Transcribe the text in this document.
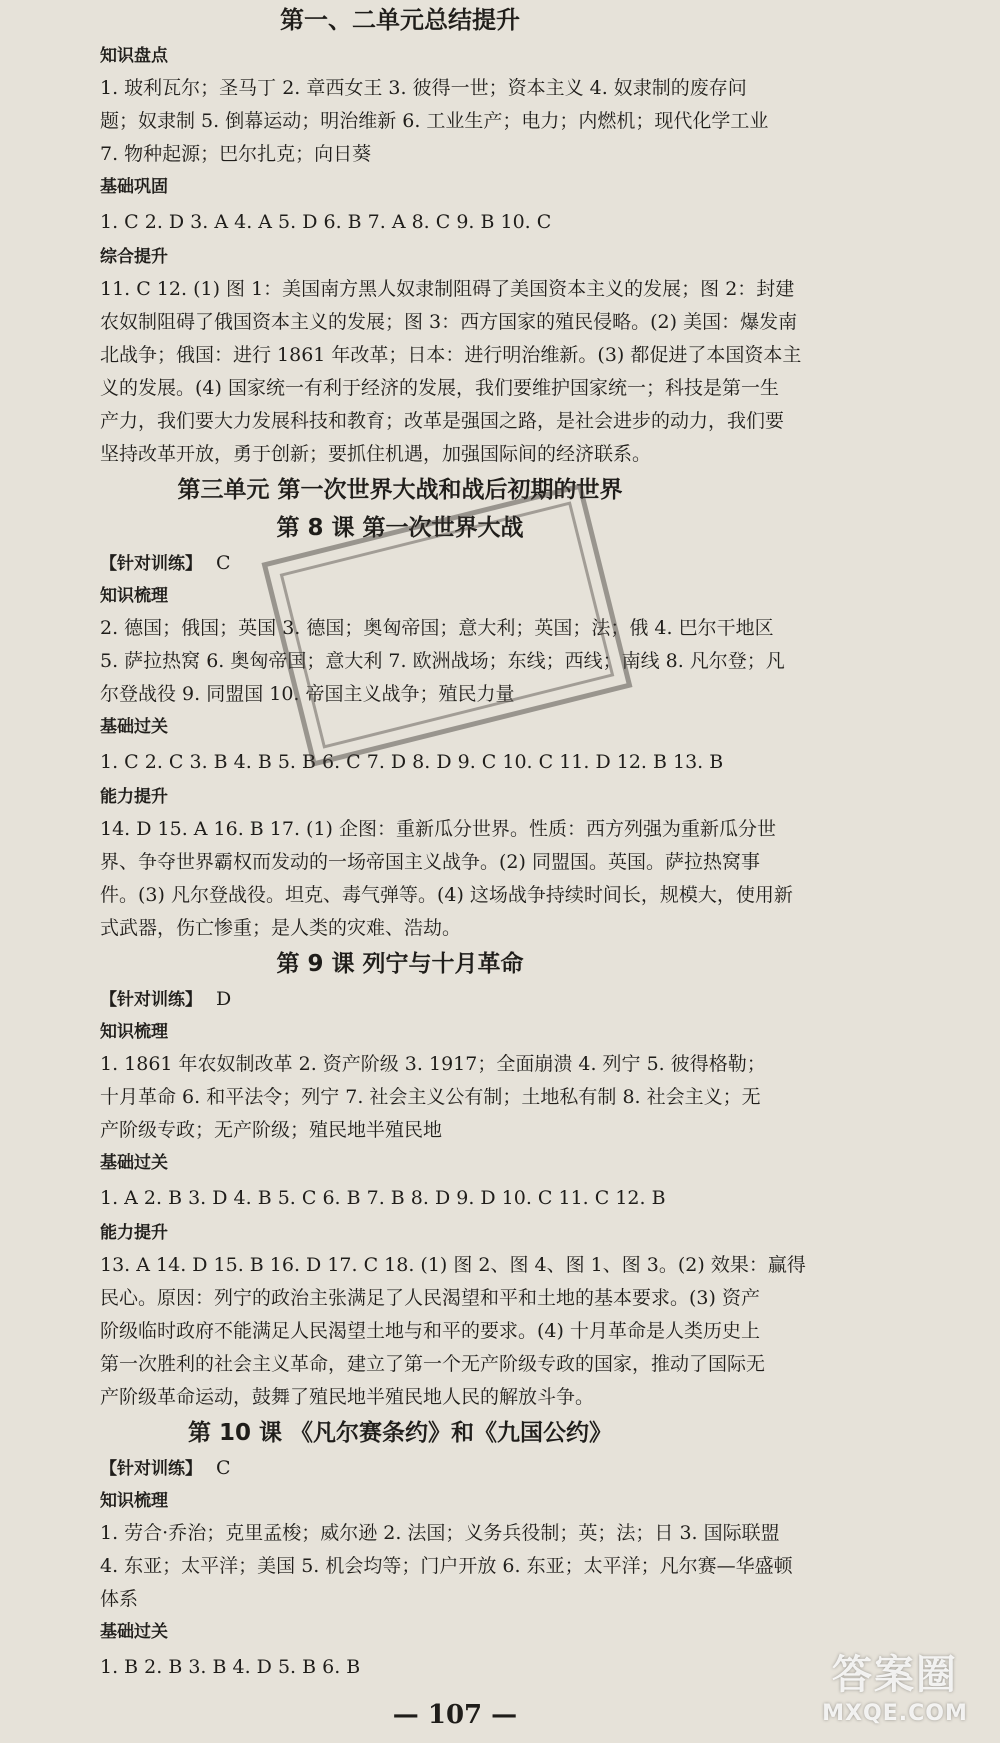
第一、二单元总结提升
知识盘点
1. 玻利瓦尔；圣马丁 2. 章西女王 3. 彼得一世；资本主义 4. 奴隶制的废存问
题；奴隶制 5. 倒幕运动；明治维新 6. 工业生产；电力；内燃机；现代化学工业
7. 物种起源；巴尔扎克；向日葵
基础巩固
1. C 2. D 3. A 4. A 5. D 6. B 7. A 8. C 9. B 10. C
综合提升
11. C 12. (1) 图 1：美国南方黑人奴隶制阻碍了美国资本主义的发展；图 2：封建
农奴制阻碍了俄国资本主义的发展；图 3：西方国家的殖民侵略。(2) 美国：爆发南
北战争；俄国：进行 1861 年改革；日本：进行明治维新。(3) 都促进了本国资本主
义的发展。(4) 国家统一有利于经济的发展，我们要维护国家统一；科技是第一生
产力，我们要大力发展科技和教育；改革是强国之路，是社会进步的动力，我们要
坚持改革开放，勇于创新；要抓住机遇，加强国际间的经济联系。
第三单元 第一次世界大战和战后初期的世界
第 8 课 第一次世界大战
【针对训练】 C
知识梳理
2. 德国；俄国；英国 3. 德国；奥匈帝国；意大利；英国；法；俄 4. 巴尔干地区
5. 萨拉热窝 6. 奥匈帝国；意大利 7. 欧洲战场；东线；西线；南线 8. 凡尔登；凡
尔登战役 9. 同盟国 10. 帝国主义战争；殖民力量
基础过关
1. C 2. C 3. B 4. B 5. B 6. C 7. D 8. D 9. C 10. C 11. D 12. B 13. B
能力提升
14. D 15. A 16. B 17. (1) 企图：重新瓜分世界。性质：西方列强为重新瓜分世
界、争夺世界霸权而发动的一场帝国主义战争。(2) 同盟国。英国。萨拉热窝事
件。(3) 凡尔登战役。坦克、毒气弹等。(4) 这场战争持续时间长，规模大，使用新
式武器，伤亡惨重；是人类的灾难、浩劫。
第 9 课 列宁与十月革命
【针对训练】 D
知识梳理
1. 1861 年农奴制改革 2. 资产阶级 3. 1917；全面崩溃 4. 列宁 5. 彼得格勒；
十月革命 6. 和平法令；列宁 7. 社会主义公有制；土地私有制 8. 社会主义；无
产阶级专政；无产阶级；殖民地半殖民地
基础过关
1. A 2. B 3. D 4. B 5. C 6. B 7. B 8. D 9. D 10. C 11. C 12. B
能力提升
13. A 14. D 15. B 16. D 17. C 18. (1) 图 2、图 4、图 1、图 3。(2) 效果：赢得
民心。原因：列宁的政治主张满足了人民渴望和平和土地的基本要求。(3) 资产
阶级临时政府不能满足人民渴望土地与和平的要求。(4) 十月革命是人类历史上
第一次胜利的社会主义革命，建立了第一个无产阶级专政的国家，推动了国际无
产阶级革命运动，鼓舞了殖民地半殖民地人民的解放斗争。
第 10 课 《凡尔赛条约》和《九国公约》
【针对训练】 C
知识梳理
1. 劳合·乔治；克里孟梭；威尔逊 2. 法国；义务兵役制；英；法；日 3. 国际联盟
4. 东亚；太平洋；美国 5. 机会均等；门户开放 6. 东亚；太平洋；凡尔赛—华盛顿
体系
基础过关
1. B 2. B 3. B 4. D 5. B 6. B
— 107 —
答案圈
MXQE.COM
